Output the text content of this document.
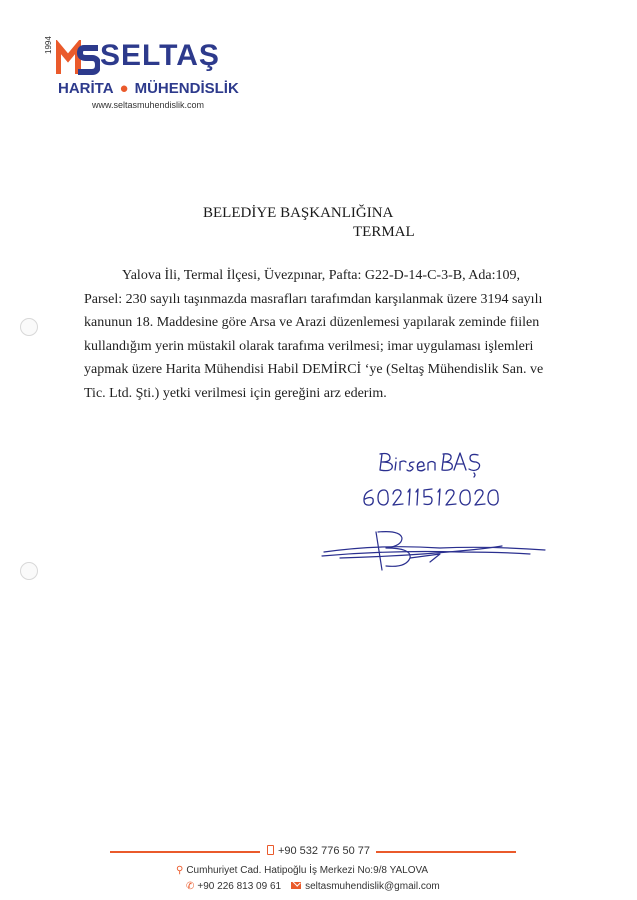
1994 SELTAŞ
HARİTA ● MÜHENDİSLİK
www.seltasmuhendislik.com
BELEDİYE BAŞKANLIĞINA
TERMAL
Yalova İli, Termal İlçesi, Üvezpınar, Pafta: G22-D-14-C-3-B, Ada:109,
Parsel: 230 sayılı taşınmazda masrafları tarafımdan karşılanmak üzere 3194 sayılı
kanunun 18. Maddesine göre Arsa ve Arazi düzenlemesi yapılarak zeminde fiilen
kullandığım yerin müstakil olarak tarafıma verilmesi; imar uygulaması işlemleri
yapmak üzere Harita Mühendisi Habil DEMİRCİ ‘ye (Seltaş Mühendislik San. ve
Tic. Ltd. Şti.) yetki verilmesi için gereğini arz ederim.
+90 532 776 50 77
⚲ Cumhuriyet Cad. Hatipoğlu İş Merkezi No:9/8 YALOVA
✆ +90 226 813 09 61 seltasmuhendislik@gmail.com
